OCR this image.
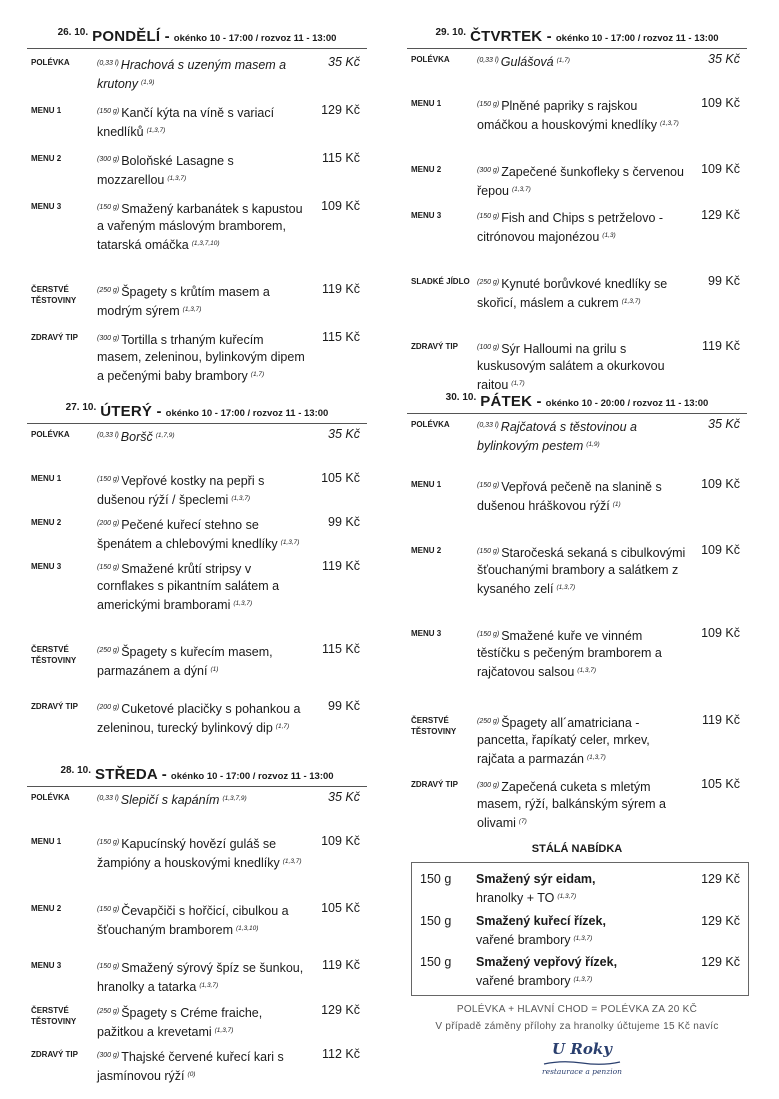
26. 10. PONDĚLÍ - okénko 10 - 17:00 / rozvoz 11 - 13:00
POLÉVKA	$^{(0,33 l)}$ Hrachová s uzeným masem a krutony $^{(1,9)}$
35 Kč
MENU 1	$^{(150 g)}$ Kančí kýta na víně s variací knedlíků $^{(1,3,7)}$
129 Kč
MENU 2	$^{(300 g)}$ Boloňské Lasagne s mozzarellou $^{(1,3,7)}$
115 Kč
MENU 3	$^{(150 g)}$ Smažený karbanátek s kapustou a vařeným máslovým bramborem, tatarská omáčka $^{(1,3,7,10)}$
109 Kč
ČERSTVÉ TĚSTOVINY
$^{(250 g)}$ Špagety s krůtím masem a modrým sýrem $^{(1,3,7)}$
119 Kč
ZDRAVÝ TIP	$^{(300 g)}$ Tortilla s trhaným kuřecím masem, zeleninou, bylinkovým dipem a pečenými baby brambory $^{(1,7)}$
115 Kč
27. 10. ÚTERÝ - okénko 10 - 17:00 / rozvoz 11 - 13:00
POLÉVKA	$^{(0,33 l)}$ Boršč $^{(1,7,9)}$	35 Kč
MENU 1	$^{(150 g)}$ Vepřové kostky na pepři s dušenou rýží / špeclemi $^{(1,3,7)}$
105 Kč
MENU 2	$^{(200 g)}$ Pečené kuřecí stehno se špenátem a chlebovými knedlíky $^{(1,3,7)}$
99 Kč
MENU 3	$^{(150 g)}$ Smažené krůtí stripsy v cornflakes s pikantním salátem a americkými bramborami $^{(1,3,7)}$
119 Kč
ČERSTVÉ TĚSTOVINY
$^{(250 g)}$ Špagety s kuřecím masem, parmazánem a dýní $^{(1)}$
115 Kč
ZDRAVÝ TIP	$^{(200 g)}$ Cuketové placičky s pohankou a zeleninou, turecký bylinkový dip $^{(1,7)}$
99 Kč
28. 10. STŘEDA - okénko 10 - 17:00 / rozvoz 11 - 13:00
POLÉVKA	$^{(0,33 l)}$ Slepičí s kapáním $^{(1,3,7,9)}$	35 Kč
MENU 1	$^{(150 g)}$ Kapucínský hovězí guláš se žampióny a houskovými knedlíky $^{(1,3,7)}$
109 Kč
MENU 2	$^{(150 g)}$ Čevapčiči s hořčicí, cibulkou a šťouchaným bramborem $^{(1,3,10)}$
105 Kč
MENU 3	$^{(150 g)}$ Smažený sýrový špíz se šunkou, hranolky a tatarka $^{(1,3,7)}$
119 Kč
ČERSTVÉ TĚSTOVINY
$^{(250 g)}$ Špagety s Créme fraiche, pažitkou a krevetami $^{(1,3,7)}$
129 Kč
ZDRAVÝ TIP	$^{(300 g)}$ Thajské červené kuřecí kari s jasmínovou rýží $^{(0)}$
112 Kč
29. 10. ČTVRTEK - okénko 10 - 17:00 / rozvoz 11 - 13:00
POLÉVKA	$^{(0,33 l)}$ Gulášová $^{(1,7)}$	35 Kč
MENU 1	$^{(150 g)}$ Plněné papriky s rajskou omáčkou a houskovými knedlíky $^{(1,3,7)}$
109 Kč
MENU 2	$^{(300 g)}$ Zapečené šunkofleky s červenou řepou $^{(1,3,7)}$
109 Kč
MENU 3	$^{(150 g)}$ Fish and Chips s petrželovo - citrónovou majonézou $^{(1,3)}$
129 Kč
SLADKÉ JÍDLO $^{(250 g)}$ Kynuté borůvkové knedlíky se skořicí, máslem a cukrem $^{(1,3,7)}$
99 Kč
ZDRAVÝ TIP	$^{(100 g)}$ Sýr Halloumi na grilu s kuskusovým salátem a okurkovou raitou $^{(1,7)}$
119 Kč
30. 10. PÁTEK - okénko 10 - 20:00 / rozvoz 11 - 13:00
POLÉVKA	$^{(0,33 l)}$ Rajčatová s těstovinou a bylinkovým pestem $^{(1,9)}$
35 Kč
MENU 1	$^{(150 g)}$ Vepřová pečeně na slanině s dušenou hráškovou rýží $^{(1)}$
109 Kč
MENU 2	$^{(150 g)}$ Staročeská sekaná s cibulkovými šťouchanými brambory a salátkem z kysaného zelí $^{(1,3,7)}$
109 Kč
MENU 3	$^{(150 g)}$ Smažené kuře ve vinném těstíčku s pečeným bramborem a rajčatovou salsou $^{(1,3,7)}$
109 Kč
ČERSTVÉ TĚSTOVINY
$^{(250 g)}$ Špagety all´amatriciana - pancetta, řapíkatý celer, mrkev, rajčata a parmazán $^{(1,3,7)}$
119 Kč
ZDRAVÝ TIP	$^{(300 g)}$ Zapečená cuketa s mletým masem, rýží, balkánským sýrem a olivami $^{(7)}$
105 Kč
STÁLÁ NABÍDKA
150 g Smažený sýr eidam,
hranolky + TO $^{(1,3,7)}$
129 Kč
150 g Smažený kuřecí řízek,
vařené brambory $^{(1,3,7)}$
129 Kč
150 g Smažený vepřový řízek,
vařené brambory $^{(1,3,7)}$
129 Kč
POLÉVKA + HLAVNÍ CHOD = POLÉVKA ZA 20 KČ
V případě záměny přílohy za hranolky účtujeme 15 Kč navíc
U Roky
restaurace a penzion
